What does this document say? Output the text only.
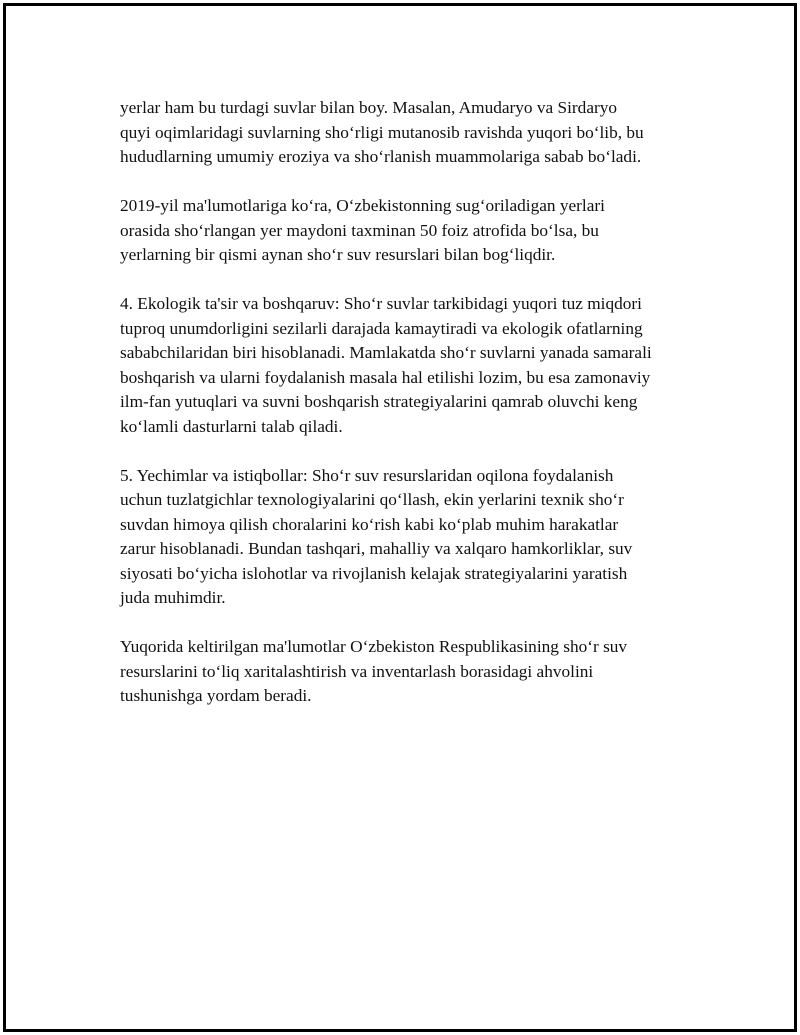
yerlar ham bu turdagi suvlar bilan boy. Masalan, Amudaryo va Sirdaryo
quyi oqimlaridagi suvlarning sho‘rligi mutanosib ravishda yuqori bo‘lib, bu
hududlarning umumiy eroziya va sho‘rlanish muammolariga sabab bo‘ladi.

2019-yil ma'lumotlariga ko‘ra, O‘zbekistonning sug‘oriladigan yerlari
orasida sho‘rlangan yer maydoni taxminan 50 foiz atrofida bo‘lsa, bu
yerlarning bir qismi aynan sho‘r suv resurslari bilan bog‘liqdir.

4. Ekologik ta'sir va boshqaruv: Sho‘r suvlar tarkibidagi yuqori tuz miqdori
tuproq unumdorligini sezilarli darajada kamaytiradi va ekologik ofatlarning
sababchilaridan biri hisoblanadi. Mamlakatda sho‘r suvlarni yanada samarali
boshqarish va ularni foydalanish masala hal etilishi lozim, bu esa zamonaviy
ilm-fan yutuqlari va suvni boshqarish strategiyalarini qamrab oluvchi keng
ko‘lamli dasturlarni talab qiladi.

5. Yechimlar va istiqbollar: Sho‘r suv resurslaridan oqilona foydalanish
uchun tuzlatgichlar texnologiyalarini qo‘llash, ekin yerlarini texnik sho‘r
suvdan himoya qilish choralarini ko‘rish kabi ko‘plab muhim harakatlar
zarur hisoblanadi. Bundan tashqari, mahalliy va xalqaro hamkorliklar, suv
siyosati bo‘yicha islohotlar va rivojlanish kelajak strategiyalarini yaratish
juda muhimdir.

Yuqorida keltirilgan ma'lumotlar O‘zbekiston Respublikasining sho‘r suv
resurslarini to‘liq xaritalashtirish va inventarlash borasidagi ahvolini
tushunishga yordam beradi.
